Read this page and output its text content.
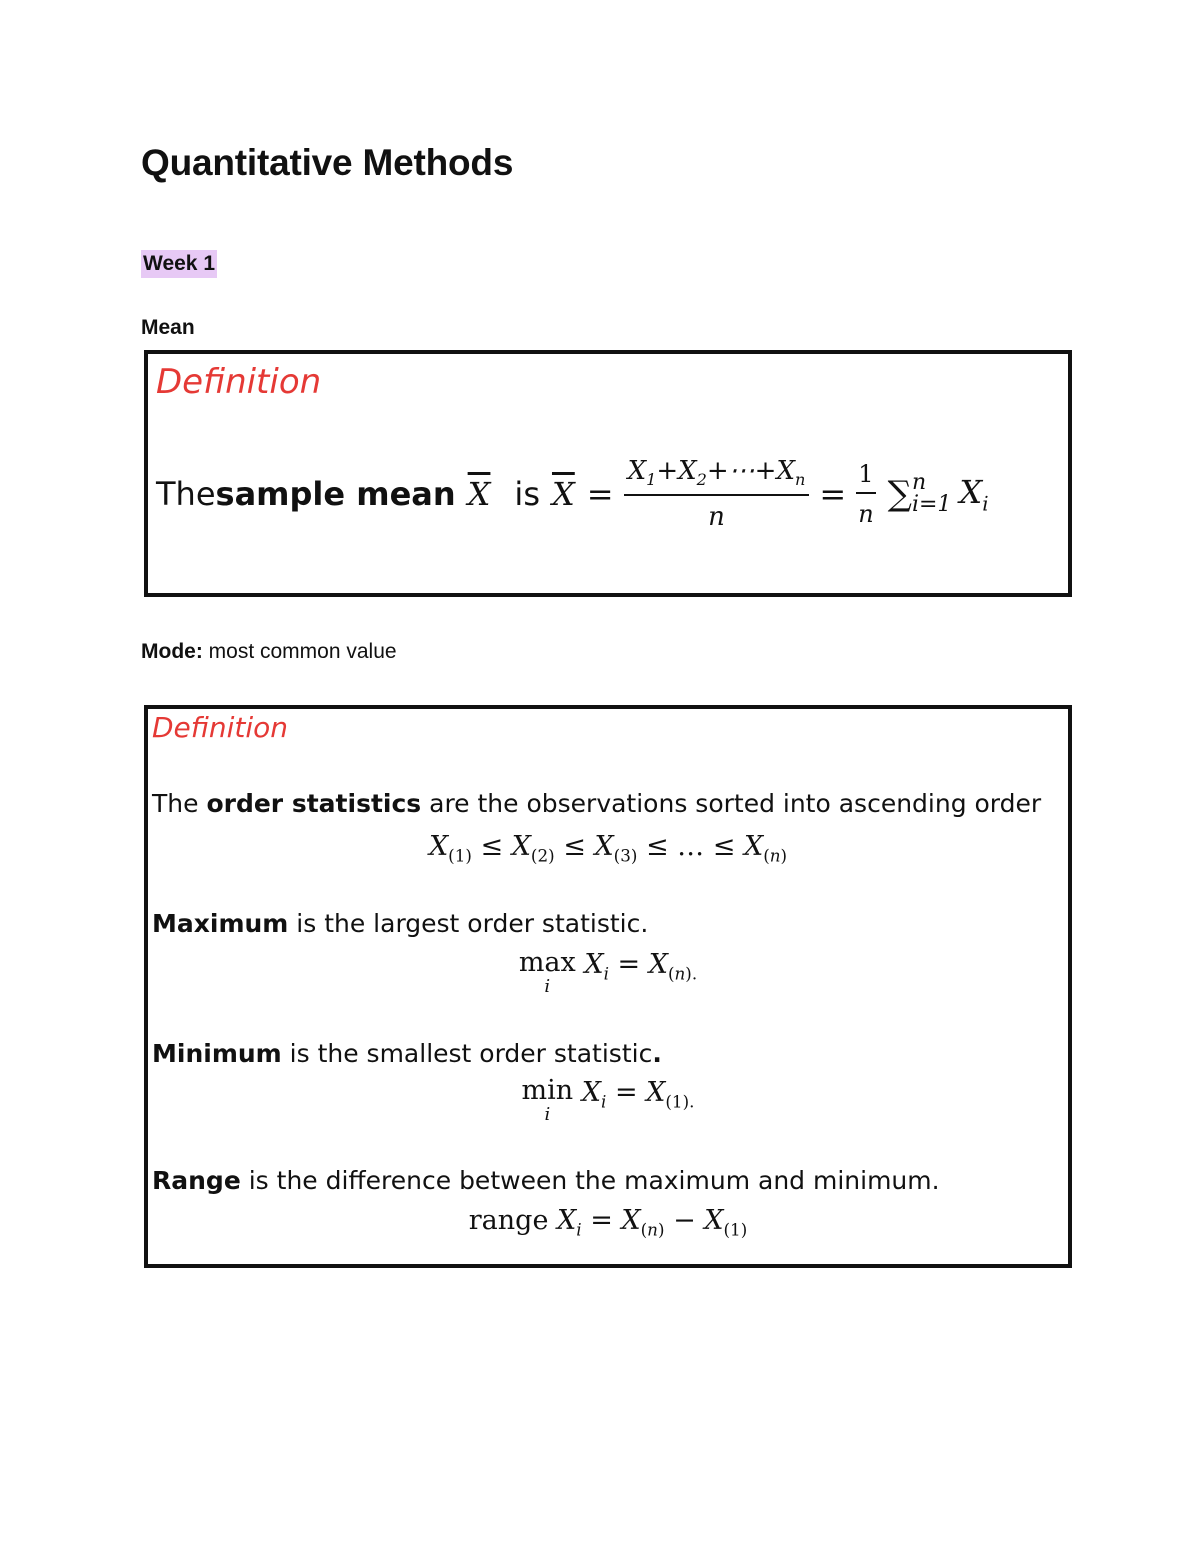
Quantitative Methods
Week 1
Mean
Definition
The sample mean $\overline{X}$ is $\overline{X} = \frac{X_1+X_2+\cdots+X_n}{n} = \frac{1}{n}$ ∑ n
i=1 $X_i$
Mode: most common value
Definition
The order statistics are the observations sorted into ascending order
$X_{(1)} \le X_{(2)} \le X_{(3)}$ ≤ … ≤ $X_{(n)}$
Maximum is the largest order statistic.
max
i
$X_i = X_{(n).}$
Minimum is the smallest order statistic.
min
i
$X_i = X_{(1).}$
Range is the difference between the maximum and minimum.
range $X_i = X_{(n)} - X_{(1)}$
